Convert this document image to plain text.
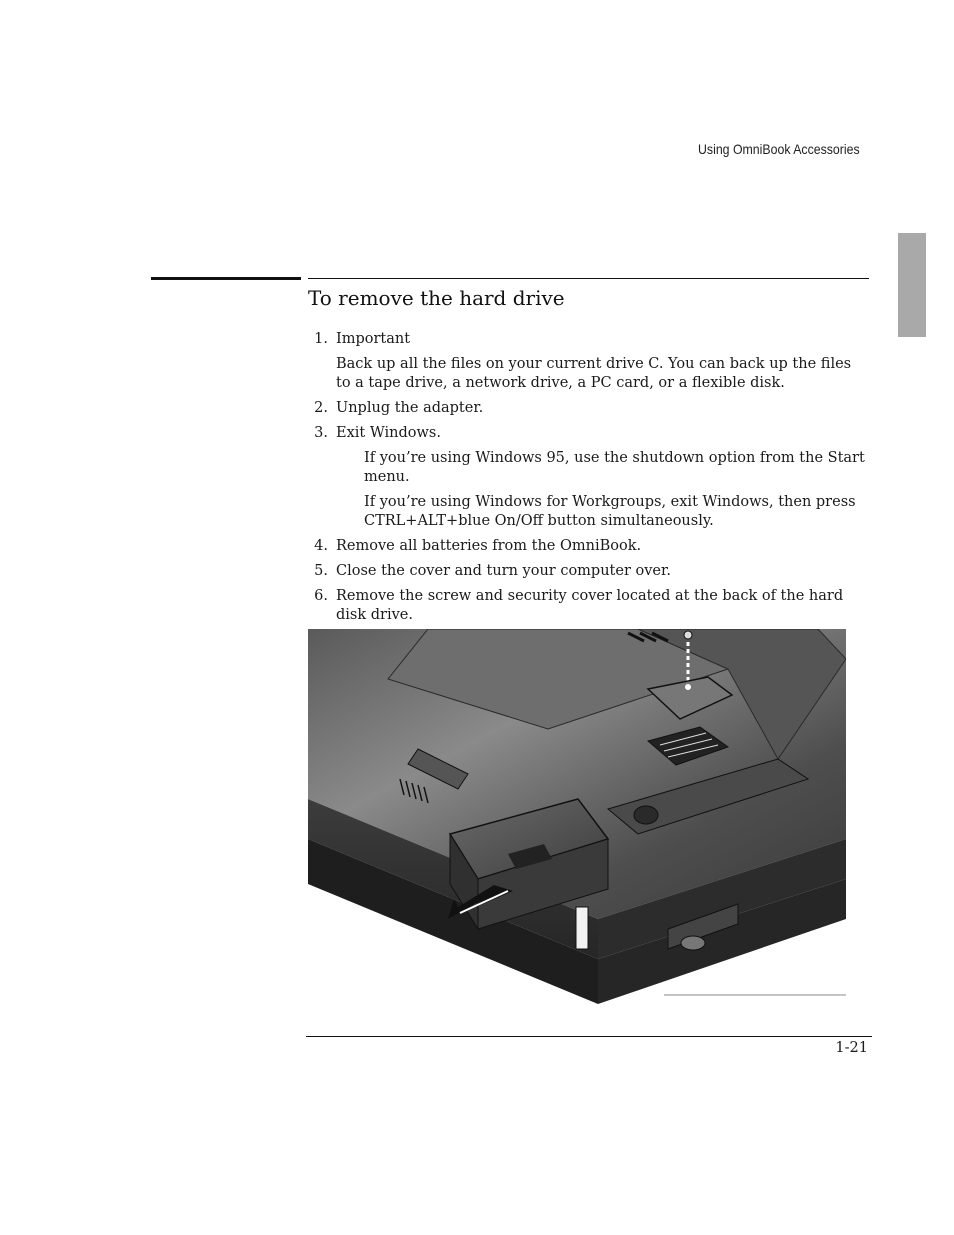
Using OmniBook Accessories
To remove the hard drive
1. Important

Back up all the files on your current drive C. You can back up the files to a tape drive, a network drive, a PC card, or a flexible disk.

2. Unplug the adapter.

3. Exit Windows.

If you’re using Windows 95, use the shutdown option from the Start menu.

If you’re using Windows for Workgroups, exit Windows, then press CTRL+ALT+blue On/Off button simultaneously.

4. Remove all batteries from the OmniBook.

5. Close the cover and turn your computer over.

6. Remove the screw and security cover located at the back of the hard disk drive.

1-21
